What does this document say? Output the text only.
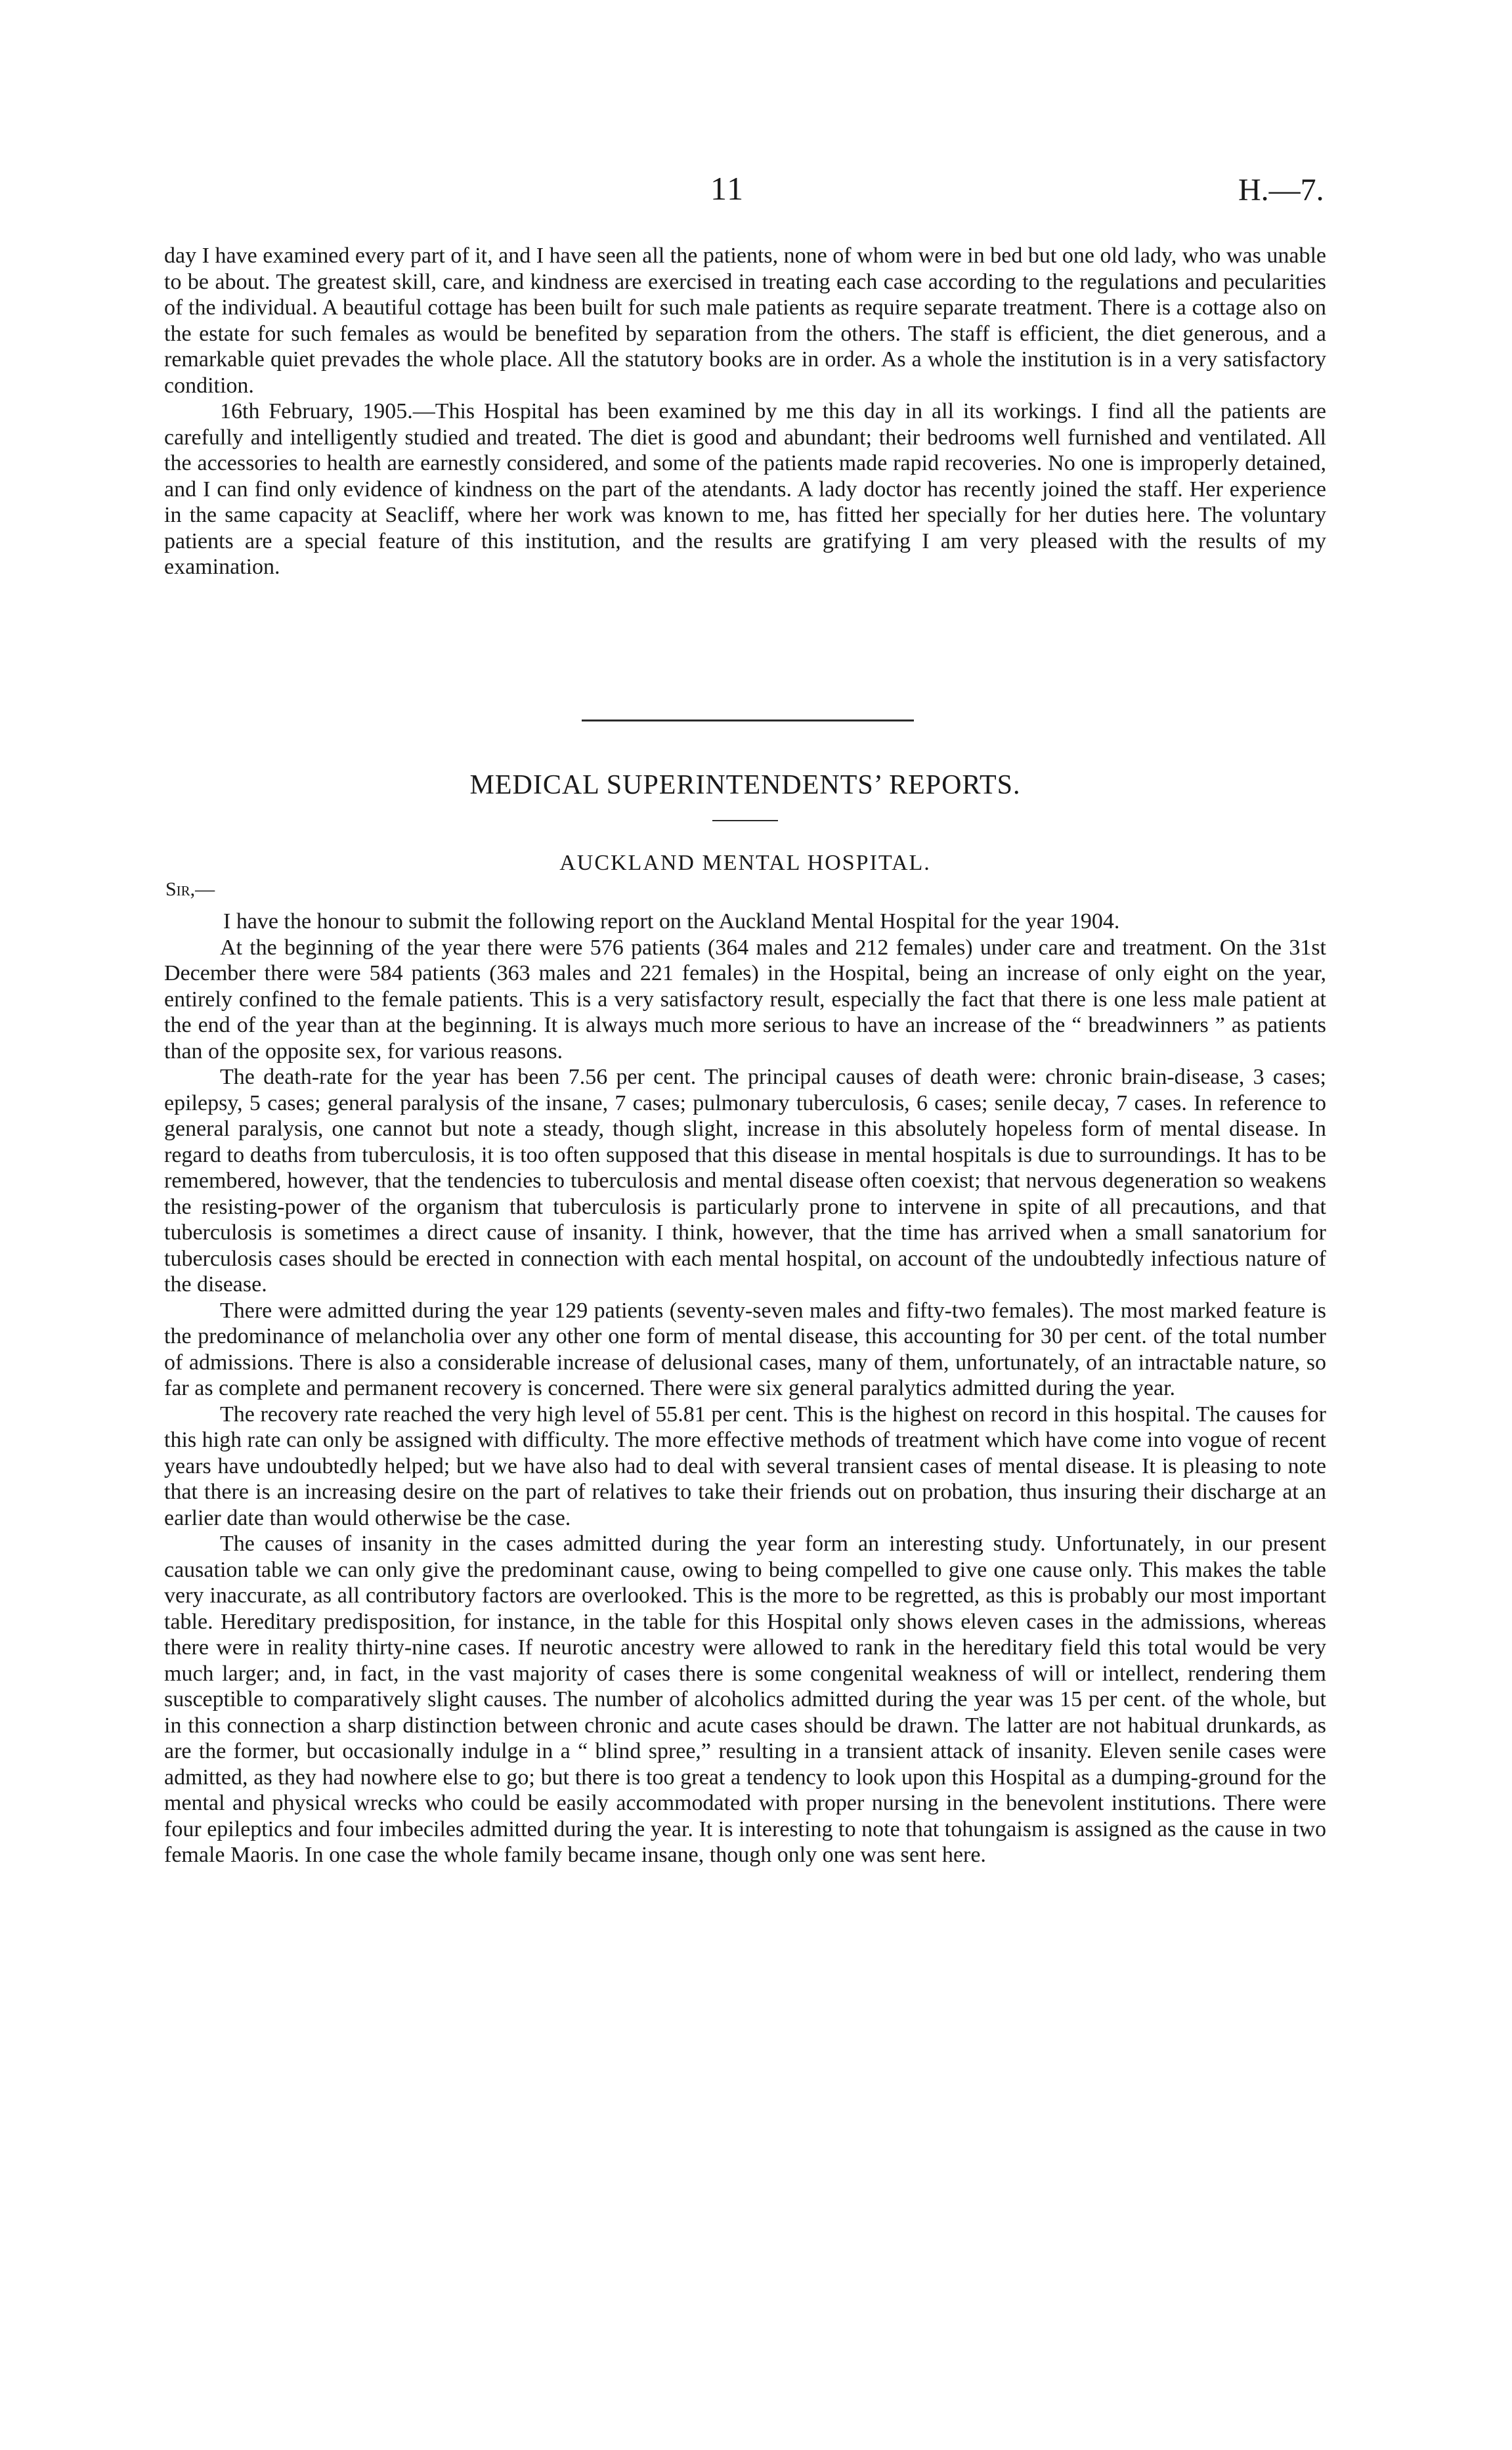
11	H.—7.

day I have examined every part of it, and I have seen all the patients, none of whom were in bed but one old lady, who was unable to be about. The greatest skill, care, and kindness are exercised in treating each case according to the regulations and pecularities of the individual. A beautiful cottage has been built for such male patients as require separate treatment. There is a cottage also on the estate for such females as would be benefited by separation from the others. The staff is efficient, the diet generous, and a remarkable quiet prevades the whole place. All the statutory books are in order. As a whole the institution is in a very satisfactory condition.

16th February, 1905.—This Hospital has been examined by me this day in all its workings. I find all the patients are carefully and intelligently studied and treated. The diet is good and abundant; their bedrooms well furnished and ventilated. All the accessories to health are earnestly considered, and some of the patients made rapid recoveries. No one is improperly detained, and I can find only evidence of kindness on the part of the atendants. A lady doctor has recently joined the staff. Her experience in the same capacity at Seacliff, where her work was known to me, has fitted her specially for her duties here. The voluntary patients are a special feature of this institution, and the results are gratifying I am very pleased with the results of my examination.

MEDICAL SUPERINTENDENTS’ REPORTS.
AUCKLAND MENTAL HOSPITAL.
Sir,—

I have the honour to submit the following report on the Auckland Mental Hospital for the year 1904.

At the beginning of the year there were 576 patients (364 males and 212 females) under care and treatment. On the 31st December there were 584 patients (363 males and 221 females) in the Hospital, being an increase of only eight on the year, entirely confined to the female patients. This is a very satisfactory result, especially the fact that there is one less male patient at the end of the year than at the beginning. It is always much more serious to have an increase of the “ breadwinners ” as patients than of the opposite sex, for various reasons.

The death-rate for the year has been 7.56 per cent. The principal causes of death were: chronic brain-disease, 3 cases; epilepsy, 5 cases; general paralysis of the insane, 7 cases; pulmonary tuberculosis, 6 cases; senile decay, 7 cases. In reference to general paralysis, one cannot but note a steady, though slight, increase in this absolutely hopeless form of mental disease. In regard to deaths from tuberculosis, it is too often supposed that this disease in mental hospitals is due to surroundings. It has to be remembered, however, that the tendencies to tuberculosis and mental disease often coexist; that nervous degeneration so weakens the resisting-power of the organism that tuberculosis is particularly prone to intervene in spite of all precautions, and that tuberculosis is sometimes a direct cause of insanity. I think, however, that the time has arrived when a small sanatorium for tuberculosis cases should be erected in connection with each mental hospital, on account of the undoubtedly infectious nature of the disease.

There were admitted during the year 129 patients (seventy-seven males and fifty-two females). The most marked feature is the predominance of melancholia over any other one form of mental disease, this accounting for 30 per cent. of the total number of admissions. There is also a considerable increase of delusional cases, many of them, unfortunately, of an intractable nature, so far as complete and permanent recovery is concerned. There were six general paralytics admitted during the year.

The recovery rate reached the very high level of 55.81 per cent. This is the highest on record in this hospital. The causes for this high rate can only be assigned with difficulty. The more effective methods of treatment which have come into vogue of recent years have undoubtedly helped; but we have also had to deal with several transient cases of mental disease. It is pleasing to note that there is an increasing desire on the part of relatives to take their friends out on probation, thus insuring their discharge at an earlier date than would otherwise be the case.

The causes of insanity in the cases admitted during the year form an interesting study. Unfortunately, in our present causation table we can only give the predominant cause, owing to being compelled to give one cause only. This makes the table very inaccurate, as all contributory factors are overlooked. This is the more to be regretted, as this is probably our most important table. Hereditary predisposition, for instance, in the table for this Hospital only shows eleven cases in the admissions, whereas there were in reality thirty-nine cases. If neurotic ancestry were allowed to rank in the hereditary field this total would be very much larger; and, in fact, in the vast majority of cases there is some congenital weakness of will or intellect, rendering them susceptible to comparatively slight causes. The number of alcoholics admitted during the year was 15 per cent. of the whole, but in this connection a sharp distinction between chronic and acute cases should be drawn. The latter are not habitual drunkards, as are the former, but occasionally indulge in a “ blind spree,” resulting in a transient attack of insanity. Eleven senile cases were admitted, as they had nowhere else to go; but there is too great a tendency to look upon this Hospital as a dumping-ground for the mental and physical wrecks who could be easily accommodated with proper nursing in the benevolent institutions. There were four epileptics and four imbeciles admitted during the year. It is interesting to note that tohungaism is assigned as the cause in two female Maoris. In one case the whole family became insane, though only one was sent here.
